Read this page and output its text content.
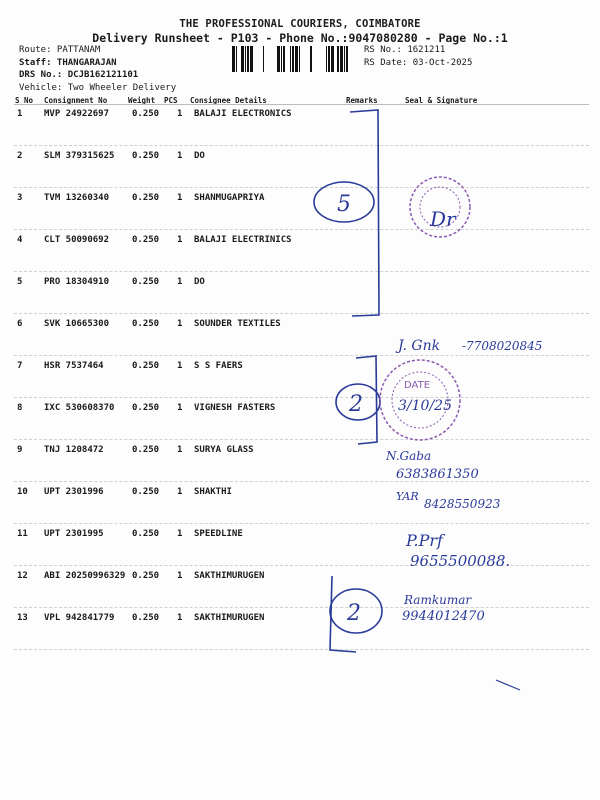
THE PROFESSIONAL COURIERS, COIMBATORE
Delivery Runsheet - P103 - Phone No.:9047080280 - Page No.:1
Route: PATTANAM
Staff: THANGARAJAN
DRS No.: DCJB162121101
Vehicle: Two Wheeler Delivery
RS No.: 1621211
RS Date: 03-Oct-2025
S No Consignment No	Weight PCS Consignee Details	Remarks	Seal & Signature
1 MVP 24922697	0.250 1 BALAJI ELECTRONICS
2 SLM 379315625 0.250 1 DO
3 TVM 13260340	0.250 1 SHANMUGAPRIYA
4 CLT 50090692	0.250 1 BALAJI ELECTRINICS
5 PRO 18304910	0.250 1 DO
6 SVK 10665300	0.250 1 SOUNDER TEXTILES
7 HSR 7537464	0.250 1 S S FAERS
8 IXC 530608370 0.250 1 VIGNESH FASTERS
9 TNJ 1208472	0.250 1 SURYA GLASS
10 UPT 2301996	0.250 1 SHAKTHI
11 UPT 2301995	0.250 1 SPEEDLINE
12 ABI 20250996329 0.250 1 SAKTHIMURUGEN
13 VPL 942841779 0.250 1 SAKTHIMURUGEN
5
Dr
J. Gnk -7708020845
2
DATE
3/10/25
N.Gaba
6383861350
YAR
8428550923
P.Prf
9655500088.
2
Ramkumar
9944012470
